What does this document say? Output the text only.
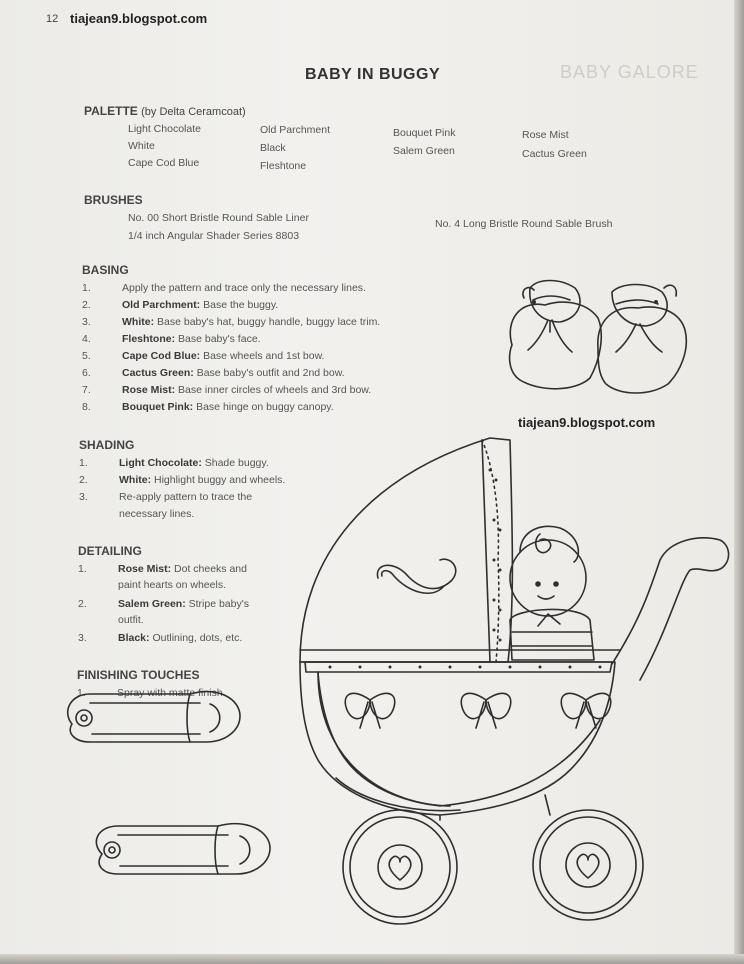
12 tiajean9.blogspot.com
BABY GALORE
BABY IN BUGGY
PALETTE (by Delta Ceramcoat)
Light Chocolate
White
Cape Cod Blue
Old Parchment
Black
Fleshtone
Bouquet Pink
Salem Green
Rose Mist
Cactus Green
BRUSHES
No. 00 Short Bristle Round Sable Liner
1/4 inch Angular Shader Series 8803
No. 4 Long Bristle Round Sable Brush
BASING
1.	Apply the pattern and trace only the necessary lines.
2.	Old Parchment: Base the buggy.
3.	White: Base baby's hat, buggy handle, buggy lace trim.
4.	Fleshtone: Base baby's face.
5.	Cape Cod Blue: Base wheels and 1st bow.
6.	Cactus Green: Base baby's outfit and 2nd bow.
7.	Rose Mist: Base inner circles of wheels and 3rd bow.
8.	Bouquet Pink: Base hinge on buggy canopy.
SHADING
1.	Light Chocolate: Shade buggy.
2.	White: Highlight buggy and wheels.
3.	Re-apply pattern to trace the
necessary lines.
DETAILING
1.	Rose Mist: Dot cheeks and
paint hearts on wheels.
2.	Salem Green: Stripe baby's
outfit.
3.	Black: Outlining, dots, etc.
FINISHING TOUCHES
1.	Spray with matte finish.
tiajean9.blogspot.com
